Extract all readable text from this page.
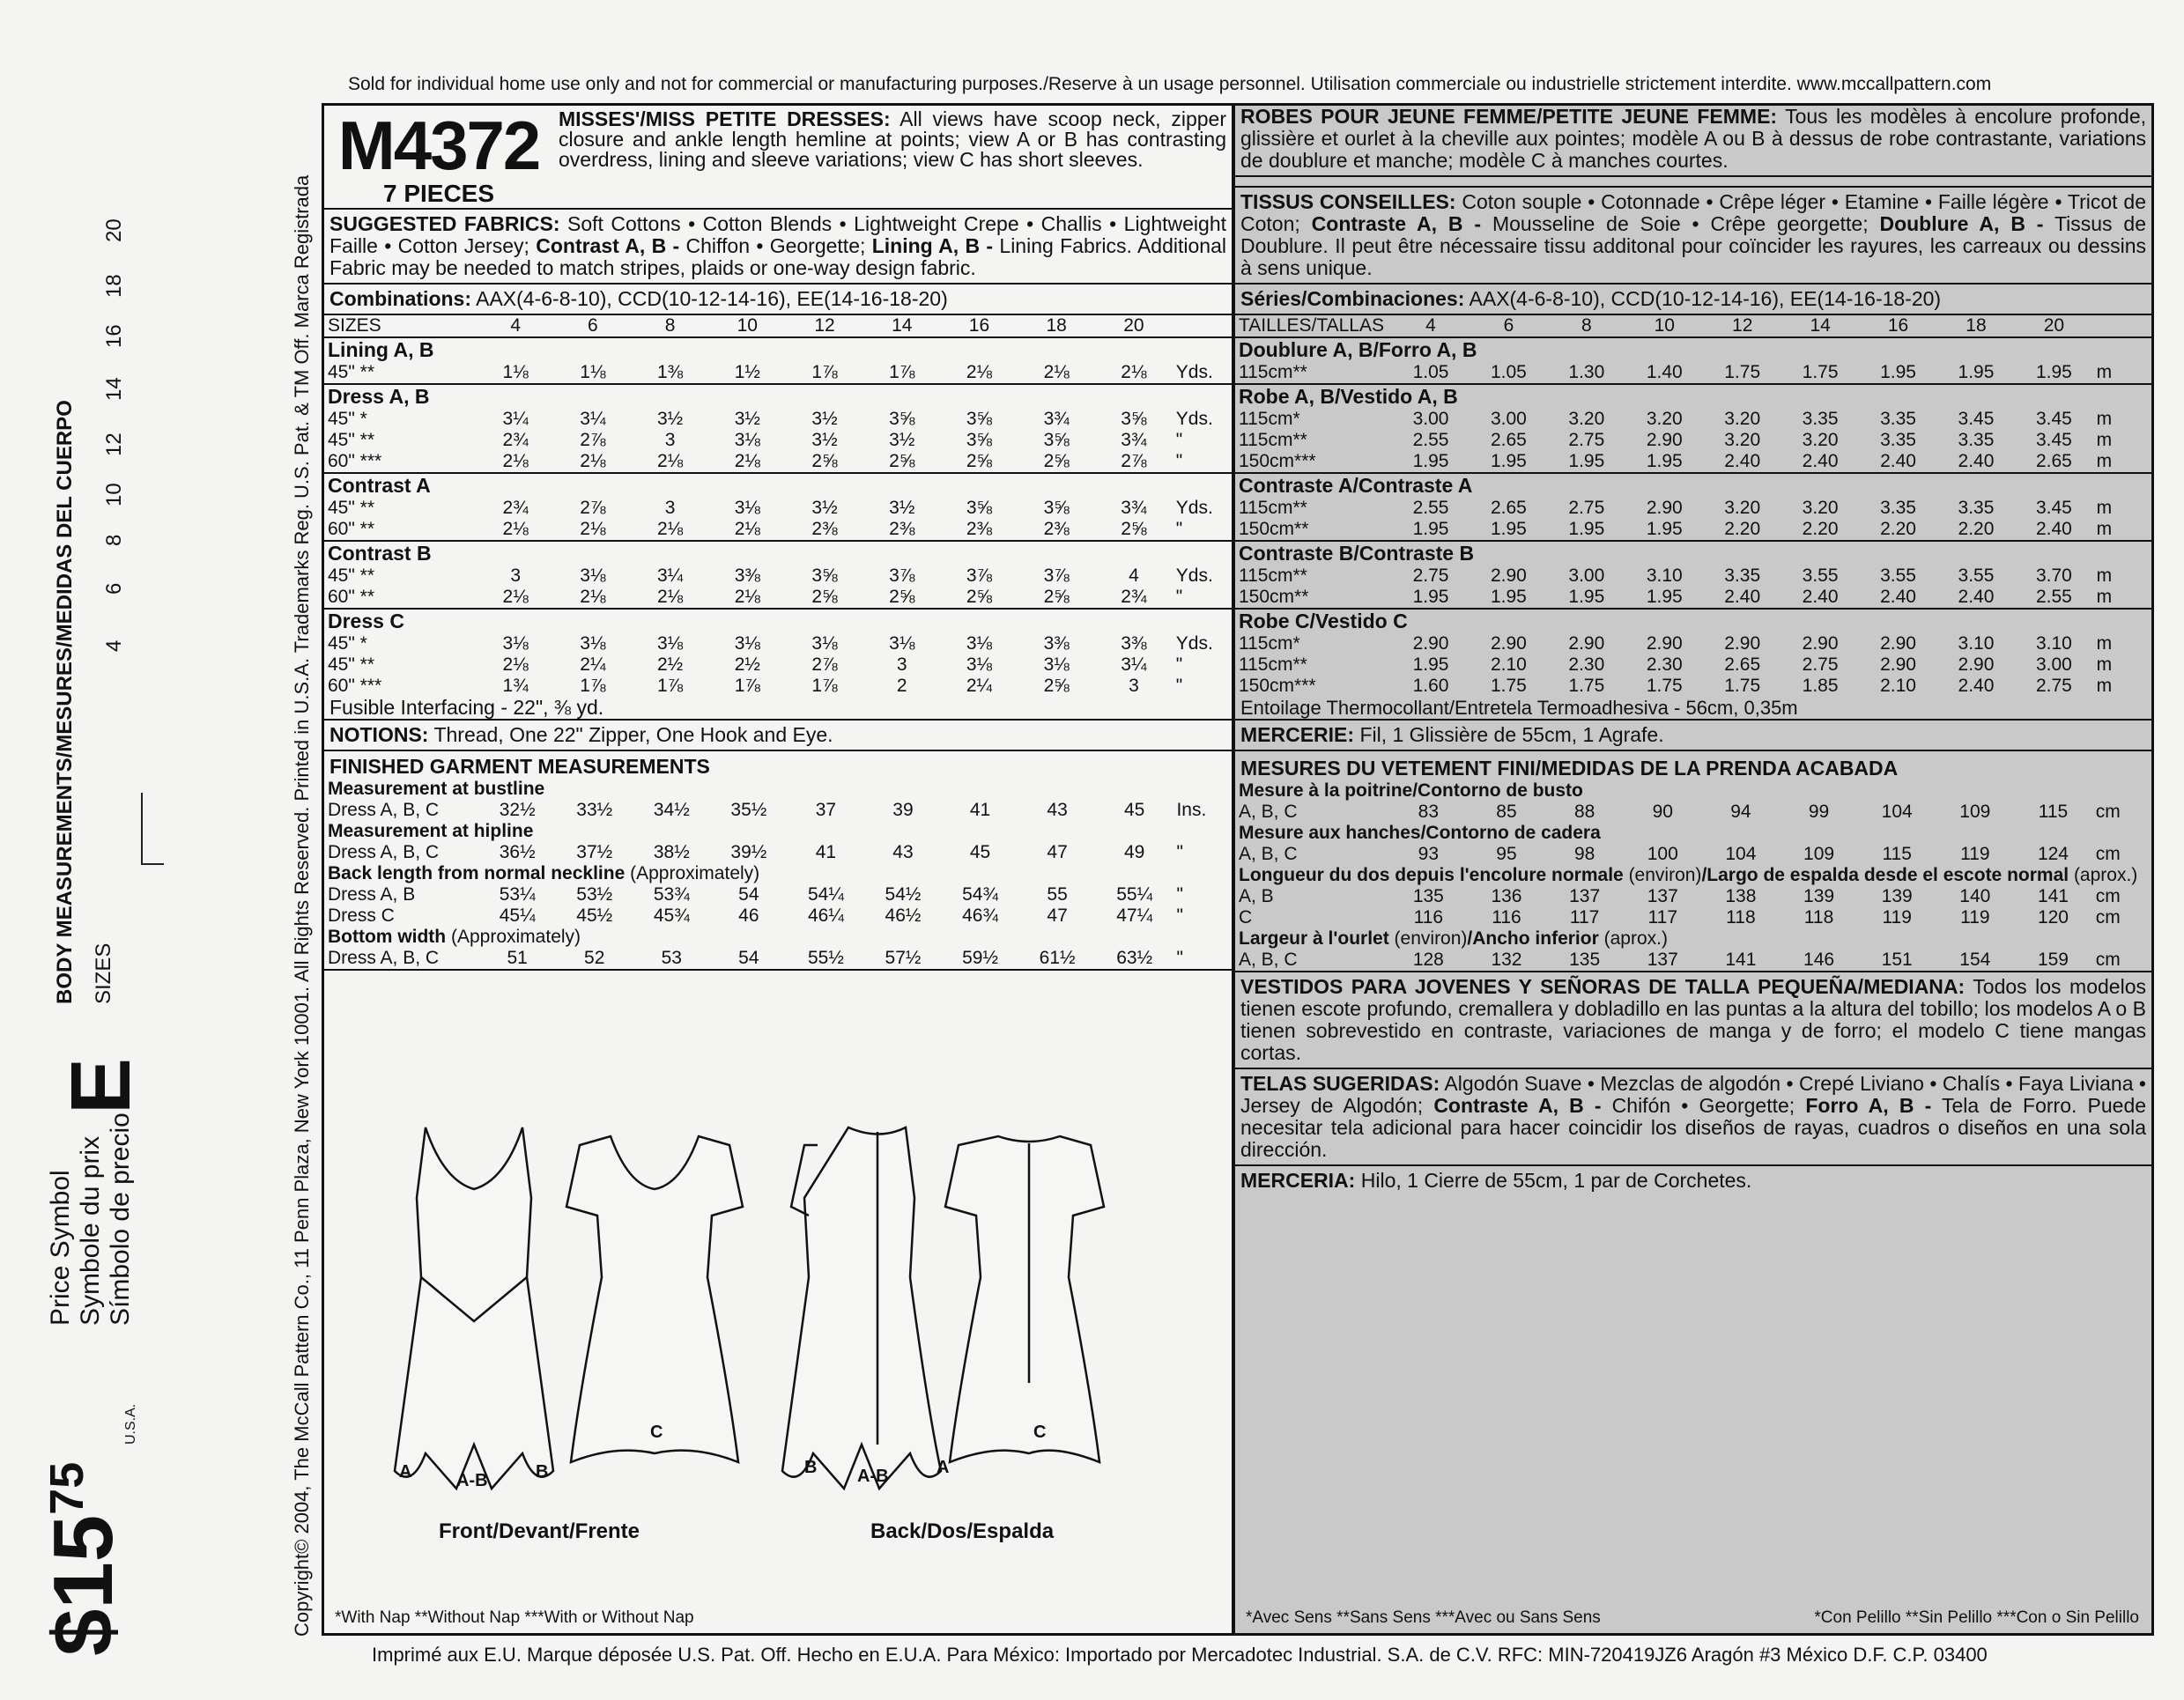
Sold for individual home use only and not for commercial or manufacturing purposes./Reserve à un usage personnel. Utilisation commerciale ou industrielle strictement interdite. www.mccallpattern.com
$\$15^{75}$
U.S.A.
Price Symbol Symbole du prix Símbolo de precio
E
BODY MEASUREMENTS/MESURES/MEDIDAS DEL CUERPO SIZES
4
6
8
10
12
14
16
18
20	Copyright© 2004, The McCall Pattern Co., 11 Penn Plaza, New York 10001. All Rights Reserved. Printed in U.S.A. Trademarks Reg. U.S. Pat. & TM Off. Marca Registrada
M4372
7 PIECES
MISSES'/MISS PETITE DRESSES: All views have scoop neck, zipper closure and ankle length hemline at points; view A or B has contrasting overdress, lining and sleeve variations; view C has short sleeves.
SUGGESTED FABRICS: Soft Cottons • Cotton Blends • Lightweight Crepe • Challis • Lightweight Faille • Cotton Jersey; Contrast A, B - Chiffon • Georgette; Lining A, B - Lining Fabrics. Additional Fabric may be needed to match stripes, plaids or one-way design fabric.
Combinations: AAX(4-6-8-10), CCD(10-12-14-16), EE(14-16-18-20)
SIZES	4	6	8	10	12	14	16	18	20	
Lining A, B										
45" **	1⅛	1⅛	1⅜	1½	1⅞	1⅞	2⅛	2⅛	2⅛	Yds.
Dress A, B										
45" *	3¼	3¼	3½	3½	3½	3⅝	3⅝	3¾	3⅝	Yds.
45" **	2¾	2⅞	3	3⅛	3½	3½	3⅝	3⅝	3¾	"
60" ***	2⅛	2⅛	2⅛	2⅛	2⅝	2⅝	2⅝	2⅝	2⅞	"
Contrast A										
45" **	2¾	2⅞	3	3⅛	3½	3½	3⅝	3⅝	3¾	Yds.
60" **	2⅛	2⅛	2⅛	2⅛	2⅜	2⅜	2⅜	2⅜	2⅝	"
Contrast B										
45" **	3	3⅛	3¼	3⅜	3⅝	3⅞	3⅞	3⅞	4	Yds.
60" **	2⅛	2⅛	2⅛	2⅛	2⅝	2⅝	2⅝	2⅝	2¾	"
Dress C										
45" *	3⅛	3⅛	3⅛	3⅛	3⅛	3⅛	3⅛	3⅜	3⅜	Yds.
45" **	2⅛	2¼	2½	2½	2⅞	3	3⅛	3⅛	3¼	"
60" ***	1¾	1⅞	1⅞	1⅞	1⅞	2	2¼	2⅝	3	"
Fusible Interfacing - 22", ⅜ yd.
NOTIONS: Thread, One 22" Zipper, One Hook and Eye.
FINISHED GARMENT MEASUREMENTS
Measurement at bustline										
Dress A, B, C	32½	33½	34½	35½	37	39	41	43	45	Ins.
Measurement at hipline										
Dress A, B, C	36½	37½	38½	39½	41	43	45	47	49	"
Back length from normal neckline (Approximately)										
Dress A, B	53¼	53½	53¾	54	54¼	54½	54¾	55	55¼	"
Dress C	45¼	45½	45¾	46	46¼	46½	46¾	47	47¼	"
Bottom width (Approximately)										
Dress A, B, C	51	52	53	54	55½	57½	59½	61½	63½	"
A	A-B	B
C
B A-B	A
C
Front/Devant/Frente	Back/Dos/Espalda
*With Nap **Without Nap ***With or Without Nap
ROBES POUR JEUNE FEMME/PETITE JEUNE FEMME: Tous les modèles à encolure profonde, glissière et ourlet à la cheville aux pointes; modèle A ou B à dessus de robe contrastante, variations de doublure et manche; modèle C à manches courtes.
TISSUS CONSEILLES: Coton souple • Cotonnade • Crêpe léger • Etamine • Faille légère • Tricot de Coton; Contraste A, B - Mousseline de Soie • Crêpe georgette; Doublure A, B - Tissus de Doublure. Il peut être nécessaire tissu additonal pour coïncider les rayures, les carreaux ou dessins à sens unique.
Séries/Combinaciones: AAX(4-6-8-10), CCD(10-12-14-16), EE(14-16-18-20)
TAILLES/TALLAS	4	6	8	10	12	14	16	18	20	
Doublure A, B/Forro A, B										
115cm**	1.05	1.05	1.30	1.40	1.75	1.75	1.95	1.95	1.95	m
Robe A, B/Vestido A, B										
115cm*	3.00	3.00	3.20	3.20	3.20	3.35	3.35	3.45	3.45	m
115cm**	2.55	2.65	2.75	2.90	3.20	3.20	3.35	3.35	3.45	m
150cm***	1.95	1.95	1.95	1.95	2.40	2.40	2.40	2.40	2.65	m
Contraste A/Contraste A										
115cm**	2.55	2.65	2.75	2.90	3.20	3.20	3.35	3.35	3.45	m
150cm**	1.95	1.95	1.95	1.95	2.20	2.20	2.20	2.20	2.40	m
Contraste B/Contraste B										
115cm**	2.75	2.90	3.00	3.10	3.35	3.55	3.55	3.55	3.70	m
150cm**	1.95	1.95	1.95	1.95	2.40	2.40	2.40	2.40	2.55	m
Robe C/Vestido C										
115cm*	2.90	2.90	2.90	2.90	2.90	2.90	2.90	3.10	3.10	m
115cm**	1.95	2.10	2.30	2.30	2.65	2.75	2.90	2.90	3.00	m
150cm***	1.60	1.75	1.75	1.75	1.75	1.85	2.10	2.40	2.75	m
Entoilage Thermocollant/Entretela Termoadhesiva - 56cm, 0,35m
MERCERIE: Fil, 1 Glissière de 55cm, 1 Agrafe.
MESURES DU VETEMENT FINI/MEDIDAS DE LA PRENDA ACABADA
Mesure à la poitrine/Contorno de busto										
A, B, C	83	85	88	90	94	99	104	109	115	cm
Mesure aux hanches/Contorno de cadera										
A, B, C	93	95	98	100	104	109	115	119	124	cm
Longueur du dos depuis l'encolure normale (environ)/Largo de espalda desde el escote normal (aprox.)										
A, B	135	136	137	137	138	139	139	140	141	cm
C	116	116	117	117	118	118	119	119	120	cm
Largeur à l'ourlet (environ)/Ancho inferior (aprox.)										
A, B, C	128	132	135	137	141	146	151	154	159	cm
VESTIDOS PARA JOVENES Y SEÑORAS DE TALLA PEQUEÑA/MEDIANA: Todos los modelos tienen escote profundo, cremallera y dobladillo en las puntas a la altura del tobillo; los modelos A o B tienen sobrevestido en contraste, variaciones de manga y de forro; el modelo C tiene mangas cortas.
TELAS SUGERIDAS: Algodón Suave • Mezclas de algodón • Crepé Liviano • Chalís • Faya Liviana • Jersey de Algodón; Contraste A, B - Chifón • Georgette; Forro A, B - Tela de Forro. Puede necesitar tela adicional para hacer coincidir los diseños de rayas, cuadros o diseños en una sola dirección.
MERCERIA: Hilo, 1 Cierre de 55cm, 1 par de Corchetes.
*Avec Sens **Sans Sens ***Avec ou Sans Sens	*Con Pelillo **Sin Pelillo ***Con o Sin Pelillo
Imprimé aux E.U. Marque déposée U.S. Pat. Off. Hecho en E.U.A. Para México: Importado por Mercadotec Industrial. S.A. de C.V. RFC: MIN-720419JZ6 Aragón #3 México D.F. C.P. 03400
